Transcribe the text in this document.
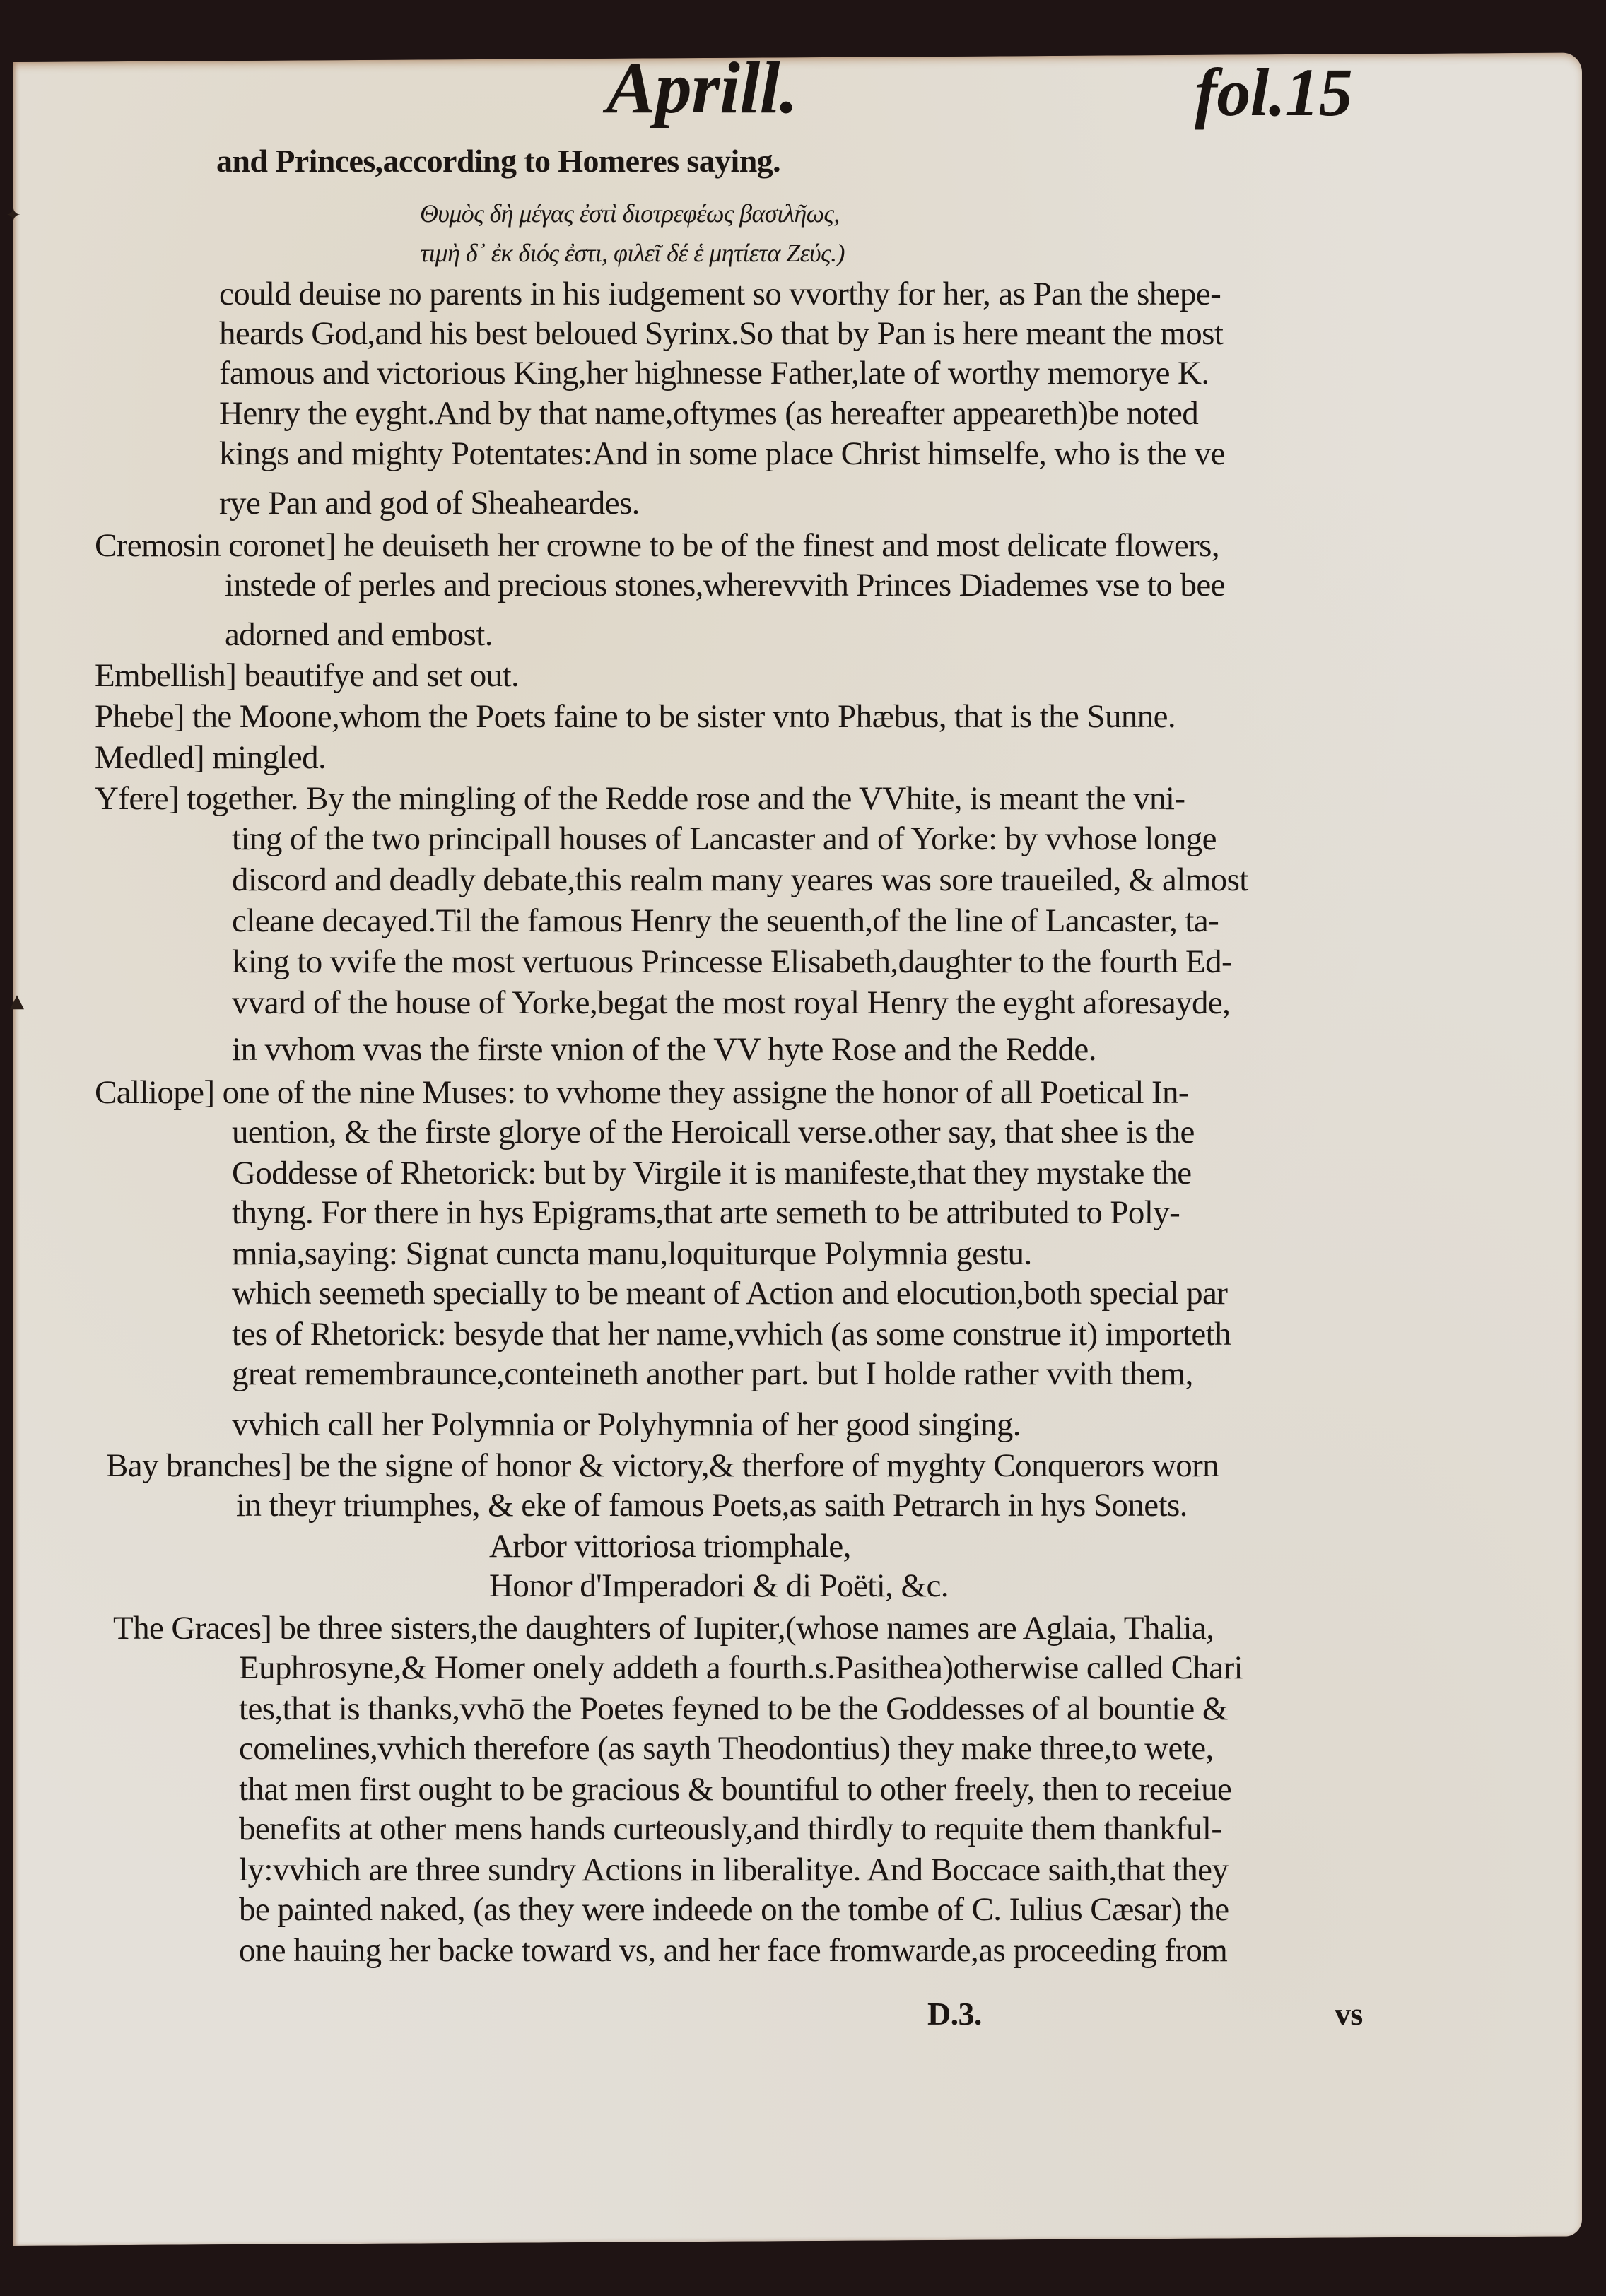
✦
▲
Aprill.	fol.15
and Princes,according to Homeres saying.
Θυμὸς δὴ μέγας ἐστὶ διοτρεφέως βασιλῆως,
τιμὴ δ᾽ ἐκ διός ἐστι, φιλεῖ δέ ἑ μητίετα Ζεύς.)
could deuise no parents in his iudgement so vvorthy for her, as Pan the shepe-
heards God,and his best beloued Syrinx.So that by Pan is here meant the most
famous and victorious King,her highnesse Father,late of worthy memorye K.
Henry the eyght.And by that name,oftymes (as hereafter appeareth)be noted
kings and mighty Potentates:And in some place Christ himselfe, who is the ve
rye Pan and god of Sheaheardes.
Cremosin coronet] he deuiseth her crowne to be of the finest and most delicate flowers,
instede of perles and precious stones,wherevvith Princes Diademes vse to bee
adorned and embost.
Embellish] beautifye and set out.
Phebe] the Moone,whom the Poets faine to be sister vnto Phæbus, that is the Sunne.
Medled] mingled.
Yfere] together. By the mingling of the Redde rose and the VVhite, is meant the vni-
ting of the two principall houses of Lancaster and of Yorke: by vvhose longe
discord and deadly debate,this realm many yeares was sore traueiled, & almost
cleane decayed.Til the famous Henry the seuenth,of the line of Lancaster, ta-
king to vvife the most vertuous Princesse Elisabeth,daughter to the fourth Ed-
vvard of the house of Yorke,begat the most royal Henry the eyght aforesayde,
in vvhom vvas the firste vnion of the VV hyte Rose and the Redde.
Calliope] one of the nine Muses: to vvhome they assigne the honor of all Poetical In-
uention, & the firste glorye of the Heroicall verse.other say, that shee is the
Goddesse of Rhetorick: but by Virgile it is manifeste,that they mystake the
thyng. For there in hys Epigrams,that arte semeth to be attributed to Poly-
mnia,saying: Signat cuncta manu,loquiturque Polymnia gestu.
which seemeth specially to be meant of Action and elocution,both special par
tes of Rhetorick: besyde that her name,vvhich (as some construe it) importeth
great remembraunce,conteineth another part. but I holde rather vvith them,
vvhich call her Polymnia or Polyhymnia of her good singing.
Bay branches] be the signe of honor & victory,& therfore of myghty Conquerors worn
in theyr triumphes, & eke of famous Poets,as saith Petrarch in hys Sonets.
Arbor vittoriosa triomphale,
Honor d'Imperadori & di Poëti, &c.
The Graces] be three sisters,the daughters of Iupiter,(whose names are Aglaia, Thalia,
Euphrosyne,& Homer onely addeth a fourth.s.Pasithea)otherwise called Chari
tes,that is thanks,vvhō the Poetes feyned to be the Goddesses of al bountie &
comelines,vvhich therefore (as sayth Theodontius) they make three,to wete,
that men first ought to be gracious & bountiful to other freely, then to receiue
benefits at other mens hands curteously,and thirdly to requite them thankful-
ly:vvhich are three sundry Actions in liberalitye. And Boccace saith,that they
be painted naked, (as they were indeede on the tombe of C. Iulius Cæsar) the
one hauing her backe toward vs, and her face fromwarde,as proceeding from
D.3.	vs
